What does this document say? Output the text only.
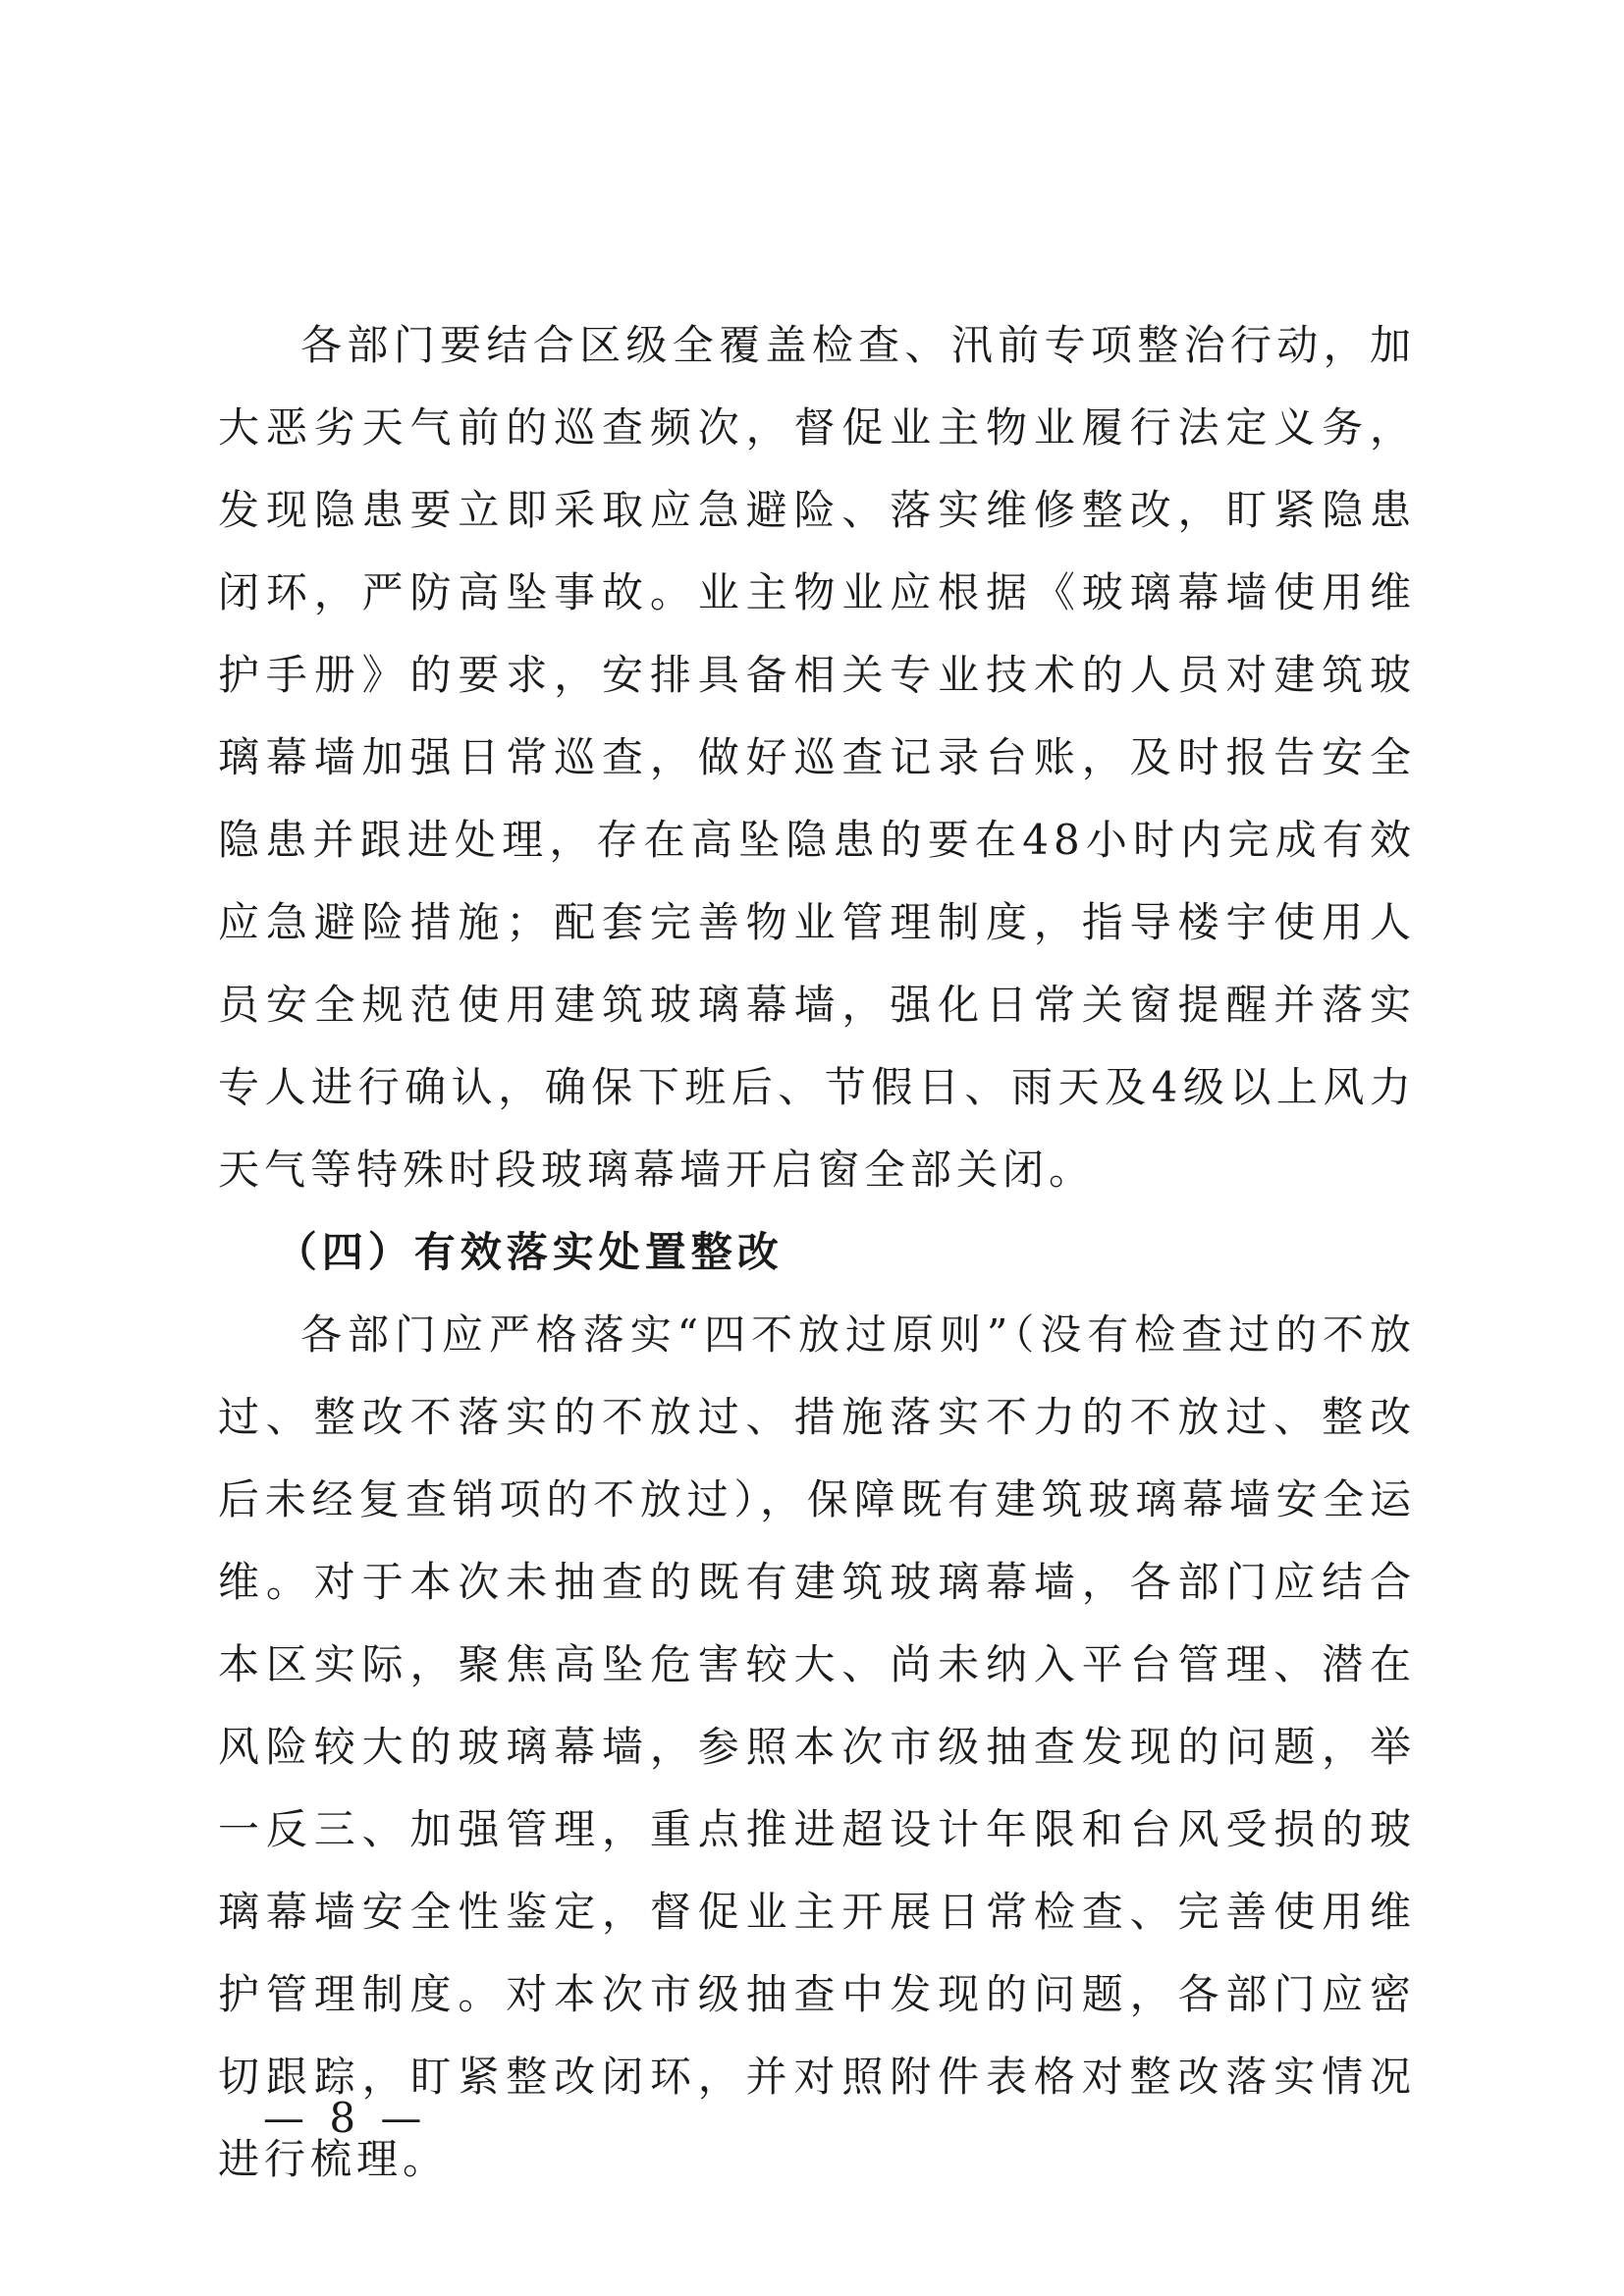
各部门要结合区级全覆盖检查、汛前专项整治行动，加大恶劣天气前的巡查频次，督促业主物业履行法定义务，发现隐患要立即采取应急避险、落实维修整改，盯紧隐患闭环，严防高坠事故。业主物业应根据《玻璃幕墙使用维护手册》的要求，安排具备相关专业技术的人员对建筑玻璃幕墙加强日常巡查，做好巡查记录台账，及时报告安全隐患并跟进处理，存在高坠隐患的要在48小时内完成有效应急避险措施；配套完善物业管理制度，指导楼宇使用人员安全规范使用建筑玻璃幕墙，强化日常关窗提醒并落实专人进行确认，确保下班后、节假日、雨天及4级以上风力天气等特殊时段玻璃幕墙开启窗全部关闭。

（四）有效落实处置整改

各部门应严格落实“四不放过原则”（没有检查过的不放过、整改不落实的不放过、措施落实不力的不放过、整改后未经复查销项的不放过），保障既有建筑玻璃幕墙安全运维。对于本次未抽查的既有建筑玻璃幕墙，各部门应结合本区实际，聚焦高坠危害较大、尚未纳入平台管理、潜在风险较大的玻璃幕墙，参照本次市级抽查发现的问题，举一反三、加强管理，重点推进超设计年限和台风受损的玻璃幕墙安全性鉴定，督促业主开展日常检查、完善使用维护管理制度。对本次市级抽查中发现的问题，各部门应密切跟踪，盯紧整改闭环，并对照附件表格对整改落实情况进行梳理。

— 8 —
